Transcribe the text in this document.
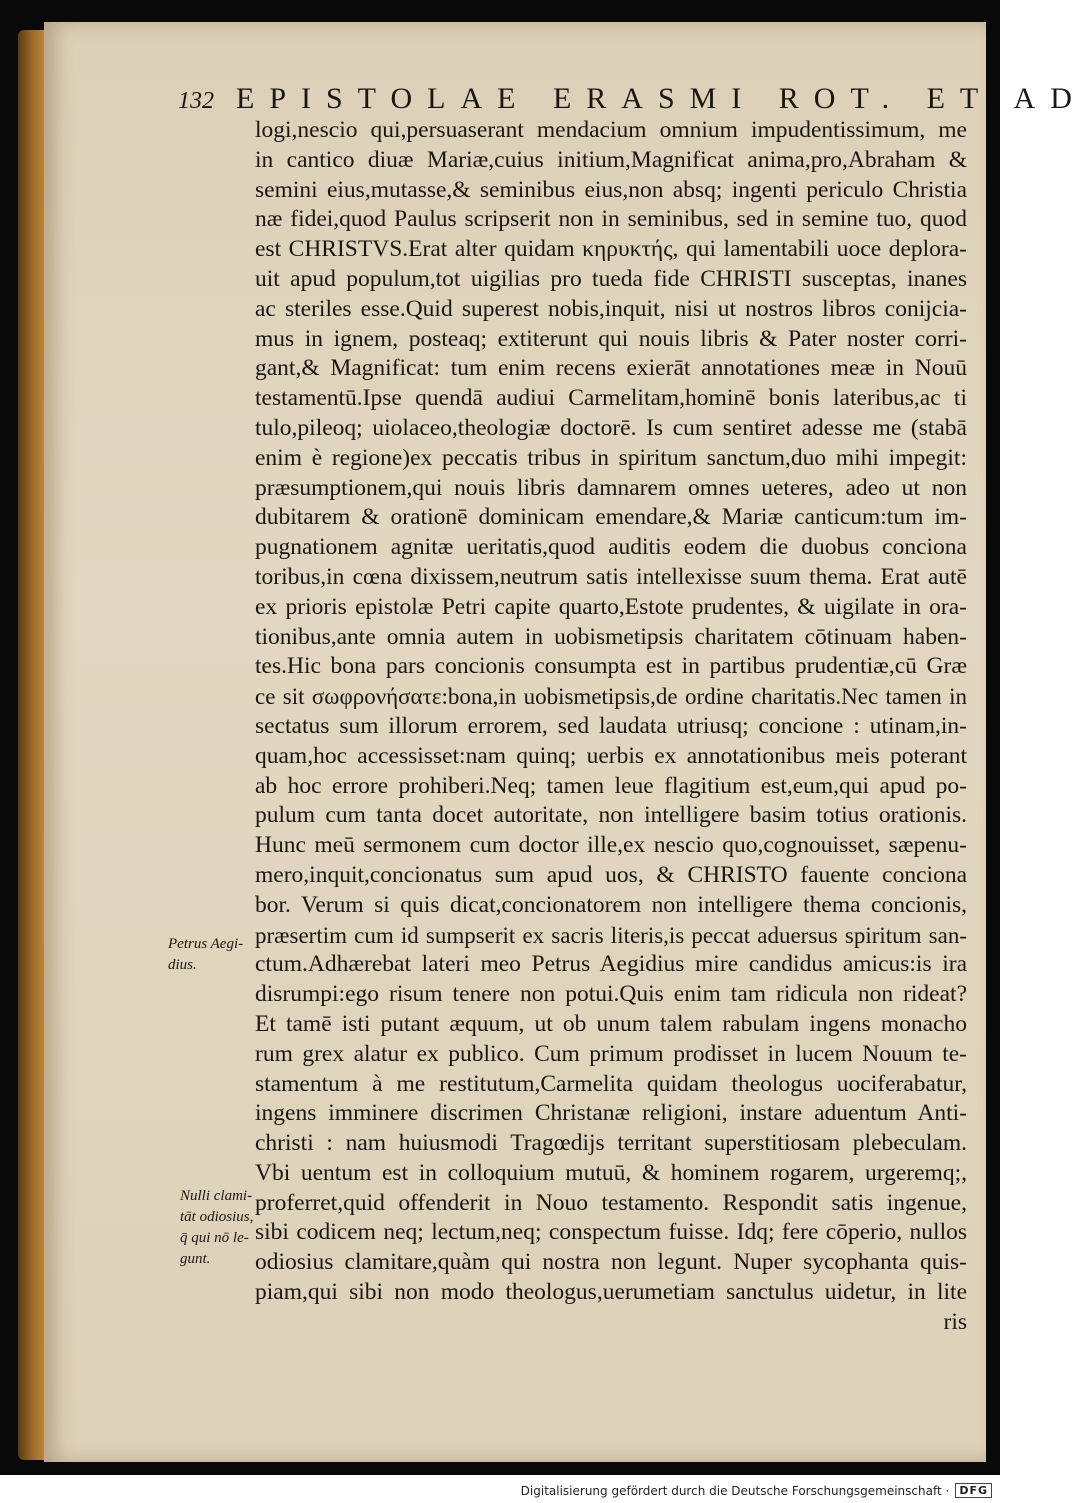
132 EPISTOLAE ERASMI ROT. ET AD
logi,nescio qui,persuaserant mendacium omnium impudentissimum, me
in cantico diuæ Mariæ,cuius initium,Magnificat anima,pro,Abraham &
semini eius,mutasse,& seminibus eius,non absq; ingenti periculo Christia
næ fidei,quod Paulus scripserit non in seminibus, sed in semine tuo, quod
est CHRISTVS.Erat alter quidam κηρυκτής, qui lamentabili uoce deplora-
uit apud populum,tot uigilias pro tueda fide CHRISTI susceptas, inanes
ac steriles esse.Quid superest nobis,inquit, nisi ut nostros libros conijcia-
mus in ignem, posteaq; extiterunt qui nouis libris & Pater noster corri-
gant,& Magnificat: tum enim recens exierāt annotationes meæ in Nouū
testamentū.Ipse quendā audiui Carmelitam,hominē bonis lateribus,ac ti
tulo,pileoq; uiolaceo,theologiæ doctorē. Is cum sentiret adesse me (stabā
enim è regione)ex peccatis tribus in spiritum sanctum,duo mihi impegit:
præsumptionem,qui nouis libris damnarem omnes ueteres, adeo ut non
dubitarem & orationē dominicam emendare,& Mariæ canticum:tum im-
pugnationem agnitæ ueritatis,quod auditis eodem die duobus conciona
toribus,in cœna dixissem,neutrum satis intellexisse suum thema. Erat autē
ex prioris epistolæ Petri capite quarto,Estote prudentes, & uigilate in ora-
tionibus,ante omnia autem in uobismetipsis charitatem cōtinuam haben-
tes.Hic bona pars concionis consumpta est in partibus prudentiæ,cū Græ
ce sit σωφρονήσατε:bona,in uobismetipsis,de ordine charitatis.Nec tamen in
sectatus sum illorum errorem, sed laudata utriusq; concione : utinam,in-
quam,hoc accessisset:nam quinq; uerbis ex annotationibus meis poterant
ab hoc errore prohiberi.Neq; tamen leue flagitium est,eum,qui apud po-
pulum cum tanta docet autoritate, non intelligere basim totius orationis.
Hunc meū sermonem cum doctor ille,ex nescio quo,cognouisset, sæpenu-
mero,inquit,concionatus sum apud uos, & CHRISTO fauente conciona
bor. Verum si quis dicat,concionatorem non intelligere thema concionis,
præsertim cum id sumpserit ex sacris literis,is peccat aduersus spiritum san-
ctum.Adhærebat lateri meo Petrus Aegidius mire candidus amicus:is ira
disrumpi:ego risum tenere non potui.Quis enim tam ridicula non rideat?
Et tamē isti putant æquum, ut ob unum talem rabulam ingens monacho
rum grex alatur ex publico. Cum primum prodisset in lucem Nouum te-
stamentum à me restitutum,Carmelita quidam theologus uociferabatur,
ingens imminere discrimen Christanæ religioni, instare aduentum Anti-
christi : nam huiusmodi Tragœdijs territant superstitiosam plebeculam.
Vbi uentum est in colloquium mutuū, & hominem rogarem, urgeremq;,
proferret,quid offenderit in Nouo testamento. Respondit satis ingenue,
sibi codicem neq; lectum,neq; conspectum fuisse. Idq; fere cōperio, nullos
odiosius clamitare,quàm qui nostra non legunt. Nuper sycophanta quis-
piam,qui sibi non modo theologus,uerumetiam sanctulus uidetur, in lite
ris
Petrus Aegi-
dius.
Nulli clami-
tāt odiosius,
q̄ qui nō le-
gunt.
Digitalisierung gefördert durch die Deutsche Forschungsgemeinschaft · DFG
